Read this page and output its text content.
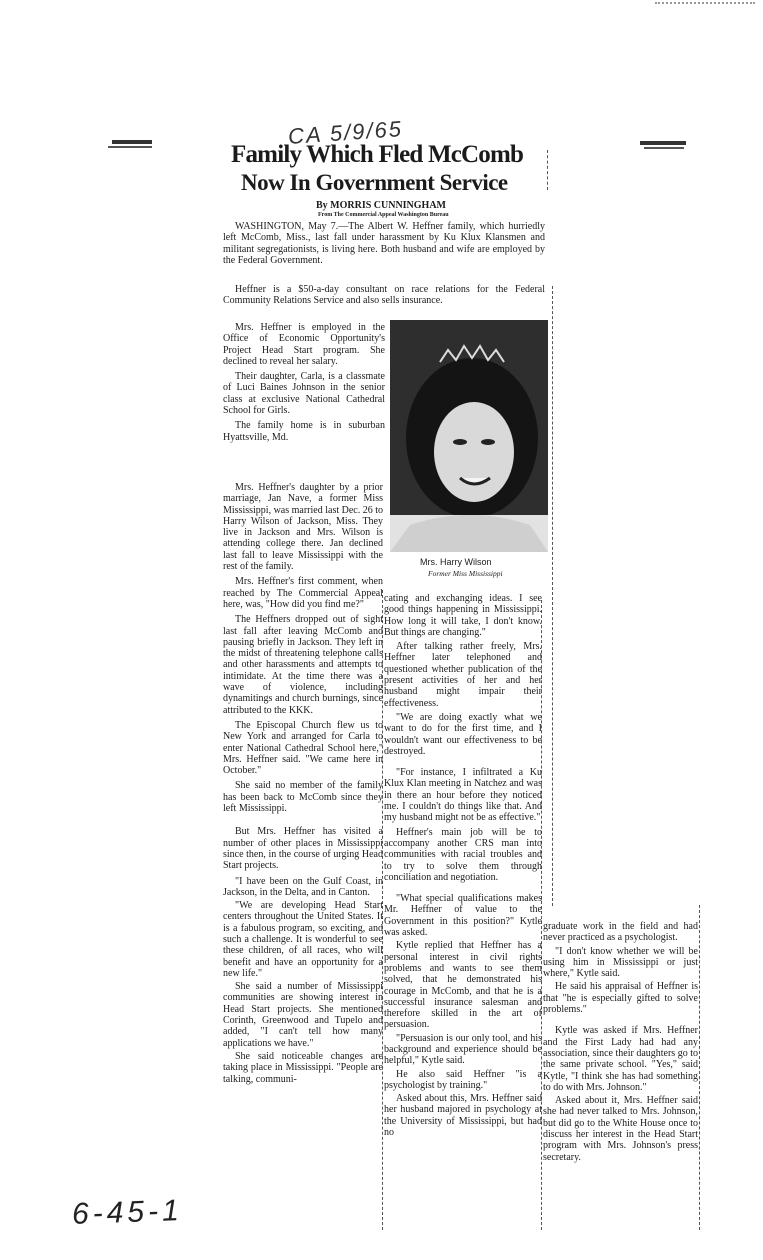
CA 5/9/65
Family Which Fled McComb
Now In Government Service
By MORRIS CUNNINGHAM
From The Commercial Appeal Washington Bureau

WASHINGTON, May 7.—The Albert W. Heffner family, which hurriedly left McComb, Miss., last fall under harassment by Ku Klux Klansmen and militant segregationists, is living here. Both husband and wife are employed by the Federal Government.

Heffner is a $50-a-day consultant on race relations for the Federal Community Relations Service and also sells insurance.

Mrs. Harry Wilson
Former Miss Mississippi

Mrs. Heffner is employed in the Office of Economic Opportunity's Project Head Start program. She declined to reveal her salary.

Their daughter, Carla, is a classmate of Luci Baines Johnson in the senior class at exclusive National Cathedral School for Girls.

The family home is in suburban Hyattsville, Md.

Mrs. Heffner's daughter by a prior marriage, Jan Nave, a former Miss Mississippi, was married last Dec. 26 to Harry Wilson of Jackson, Miss. They live in Jackson and Mrs. Wilson is attending college there. Jan declined last fall to leave Mississippi with the rest of the family.

Mrs. Heffner's first comment, when reached by The Commercial Appeal here, was, "How did you find me?"

The Heffners dropped out of sight last fall after leaving McComb and pausing briefly in Jackson. They left in the midst of threatening telephone calls and other harassments and attempts to intimidate. At the time there was a wave of violence, including dynamitings and church burnings, since attributed to the KKK.

The Episcopal Church flew us to New York and arranged for Carla to enter National Cathedral School here," Mrs. Heffner said. "We came here in October."

She said no member of the family has been back to McComb since they left Mississippi.

But Mrs. Heffner has visited a number of other places in Mississippi since then, in the course of urging Head Start projects.

"I have been on the Gulf Coast, in Jackson, in the Delta, and in Canton.

"We are developing Head Start centers throughout the United States. It is a fabulous program, so exciting, and such a challenge. It is wonderful to see these children, of all races, who will benefit and have an opportunity for a new life."

She said a number of Mississippi communities are showing interest in Head Start projects. She mentioned Corinth, Greenwood and Tupelo and added, "I can't tell how many applications we have."

She said noticeable changes are taking place in Mississippi. "People are talking, communi-

cating and exchanging ideas. I see good things happening in Mississippi. How long it will take, I don't know. But things are changing."

After talking rather freely, Mrs. Heffner later telephoned and questioned whether publication of the present activities of her and her husband might impair their effectiveness.

"We are doing exactly what we want to do for the first time, and I wouldn't want our effectiveness to be destroyed.

"For instance, I infiltrated a Ku Klux Klan meeting in Natchez and was in there an hour before they noticed me. I couldn't do things like that. And my husband might not be as effective."

Heffner's main job will be to accompany another CRS man into communities with racial troubles and to try to solve them through conciliation and negotiation.

"What special qualifications makes Mr. Heffner of value to the Government in this position?" Kytle was asked.

Kytle replied that Heffner has a personal interest in civil rights problems and wants to see them solved, that he demonstrated his courage in McComb, and that he is a successful insurance salesman and therefore skilled in the art of persuasion.

"Persuasion is our only tool, and his background and experience should be helpful," Kytle said.

He also said Heffner "is a psychologist by training."

Asked about this, Mrs. Heffner said her husband majored in psychology at the University of Mississippi, but had no

graduate work in the field and had never practiced as a psychologist.

"I don't know whether we will be using him in Mississippi or just where," Kytle said.

He said his appraisal of Heffner is that "he is especially gifted to solve problems."

Kytle was asked if Mrs. Heffner and the First Lady had had any association, since their daughters go to the same private school. "Yes," said Kytle, "I think she has had something to do with Mrs. Johnson."

Asked about it, Mrs. Heffner said she had never talked to Mrs. Johnson, but did go to the White House once to discuss her interest in the Head Start program with Mrs. Johnson's press secretary.

6-45-1
